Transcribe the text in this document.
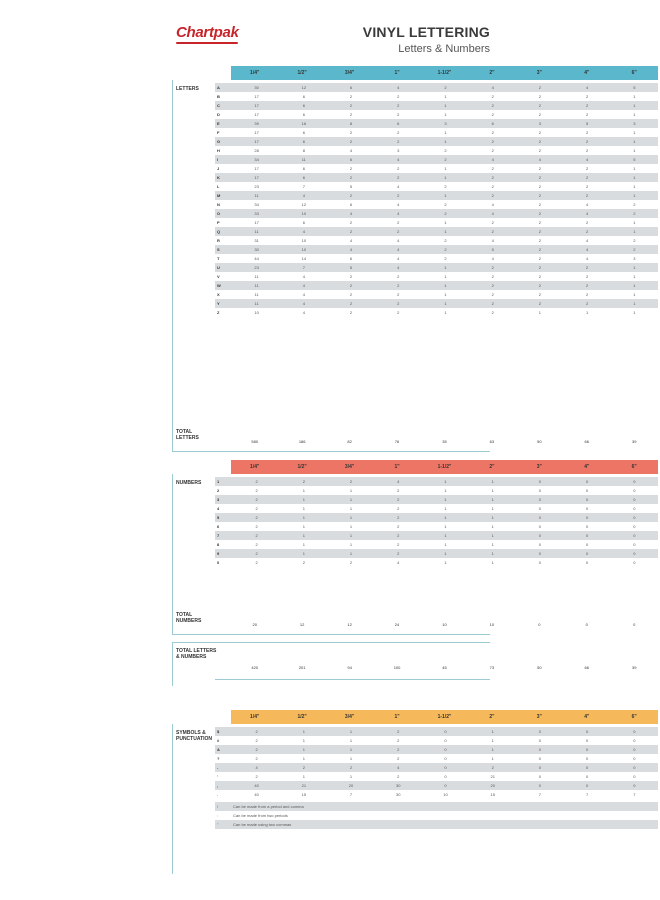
Chartpak	VINYL LETTERING
Letters & Numbers
1/4"	1/2"	3/4"	1"	1-1/2"	2"	3"	4"	6"
LETTERS	A	30	12	6	4	2	4	2	4	5
B	17	6	2	2	1	2	2	2	1
C	17	6	2	2	1	2	2	2	1
D	17	6	2	2	1	2	2	2	1
E	39	16	8	6	3	6	3	5	3
F	17	6	2	2	1	2	2	2	1
G	17	6	2	2	1	2	2	2	1
H	28	8	4	3	2	2	2	2	1
I	34	11	6	4	2	4	4	4	5
J	17	6	2	2	1	2	2	2	1
K	17	6	2	2	1	2	2	2	1
L	23	7	5	4	2	2	2	2	1
M	11	4	2	2	1	2	2	2	1
N	34	12	6	4	2	4	2	4	2
O	33	10	4	4	2	4	2	4	2
P	17	6	2	2	1	2	2	2	1
Q	11	4	2	2	1	2	2	2	1
R	31	10	4	4	2	4	2	4	2
S	30	10	4	4	2	5	2	4	2
T	44	14	6	4	2	4	2	4	3
U	23	7	5	4	1	2	2	2	1
V	11	4	2	2	1	2	2	2	1
W	11	4	2	2	1	2	2	2	1
X	11	4	2	2	1	2	2	2	1
Y	11	4	2	2	1	2	2	2	1
Z	10	4	2	2	1	2	1	1	1
TOTAL LETTERS	580	186	82	76	35	63	50	66	39
1/4"	1/2"	3/4"	1"	1-1/2"	2"	3"	4"	6"
NUMBERS	1	2	2	2	4	1	1	0	0	0
2	2	1	1	2	1	1	0	0	0
3	2	1	1	2	1	1	0	0	0
4	2	1	1	2	1	1	0	0	0
5	2	1	1	2	1	1	0	0	0
6	2	1	1	2	1	1	0	0	0
7	2	1	1	2	1	1	0	0	0
8	2	1	1	2	1	1	0	0	0
9	2	1	1	2	1	1	0	0	0
0	2	2	2	4	1	1	0	0	0
TOTAL NUMBERS	20	12	12	24	10	10	0	0	0
TOTAL LETTERS & NUMBERS
420	201	94	100	45	73	50	66	39
1/4"	1/2"	3/4"	1"	1-1/2"	2"	3"	4"	6"
SYMBOLS & PUNCTUATION
$	2	1	1	2	0	1	0	0	0
#	2	1	1	2	0	1	0	0	0
&	2	1	1	2	0	1	0	0	0
?	2	1	1	2	0	1	0	0	0
-	4	2	2	4	0	2	0	0	0
'	2	1	1	2	0	21	0	0	0
,	40	21	20	30	0	20	0	0	0
.	40	15	7	30	10	15	7	7	7
!	Can be made from a period and comma
:	Can be made from two periods
"	Can be made using two commas
